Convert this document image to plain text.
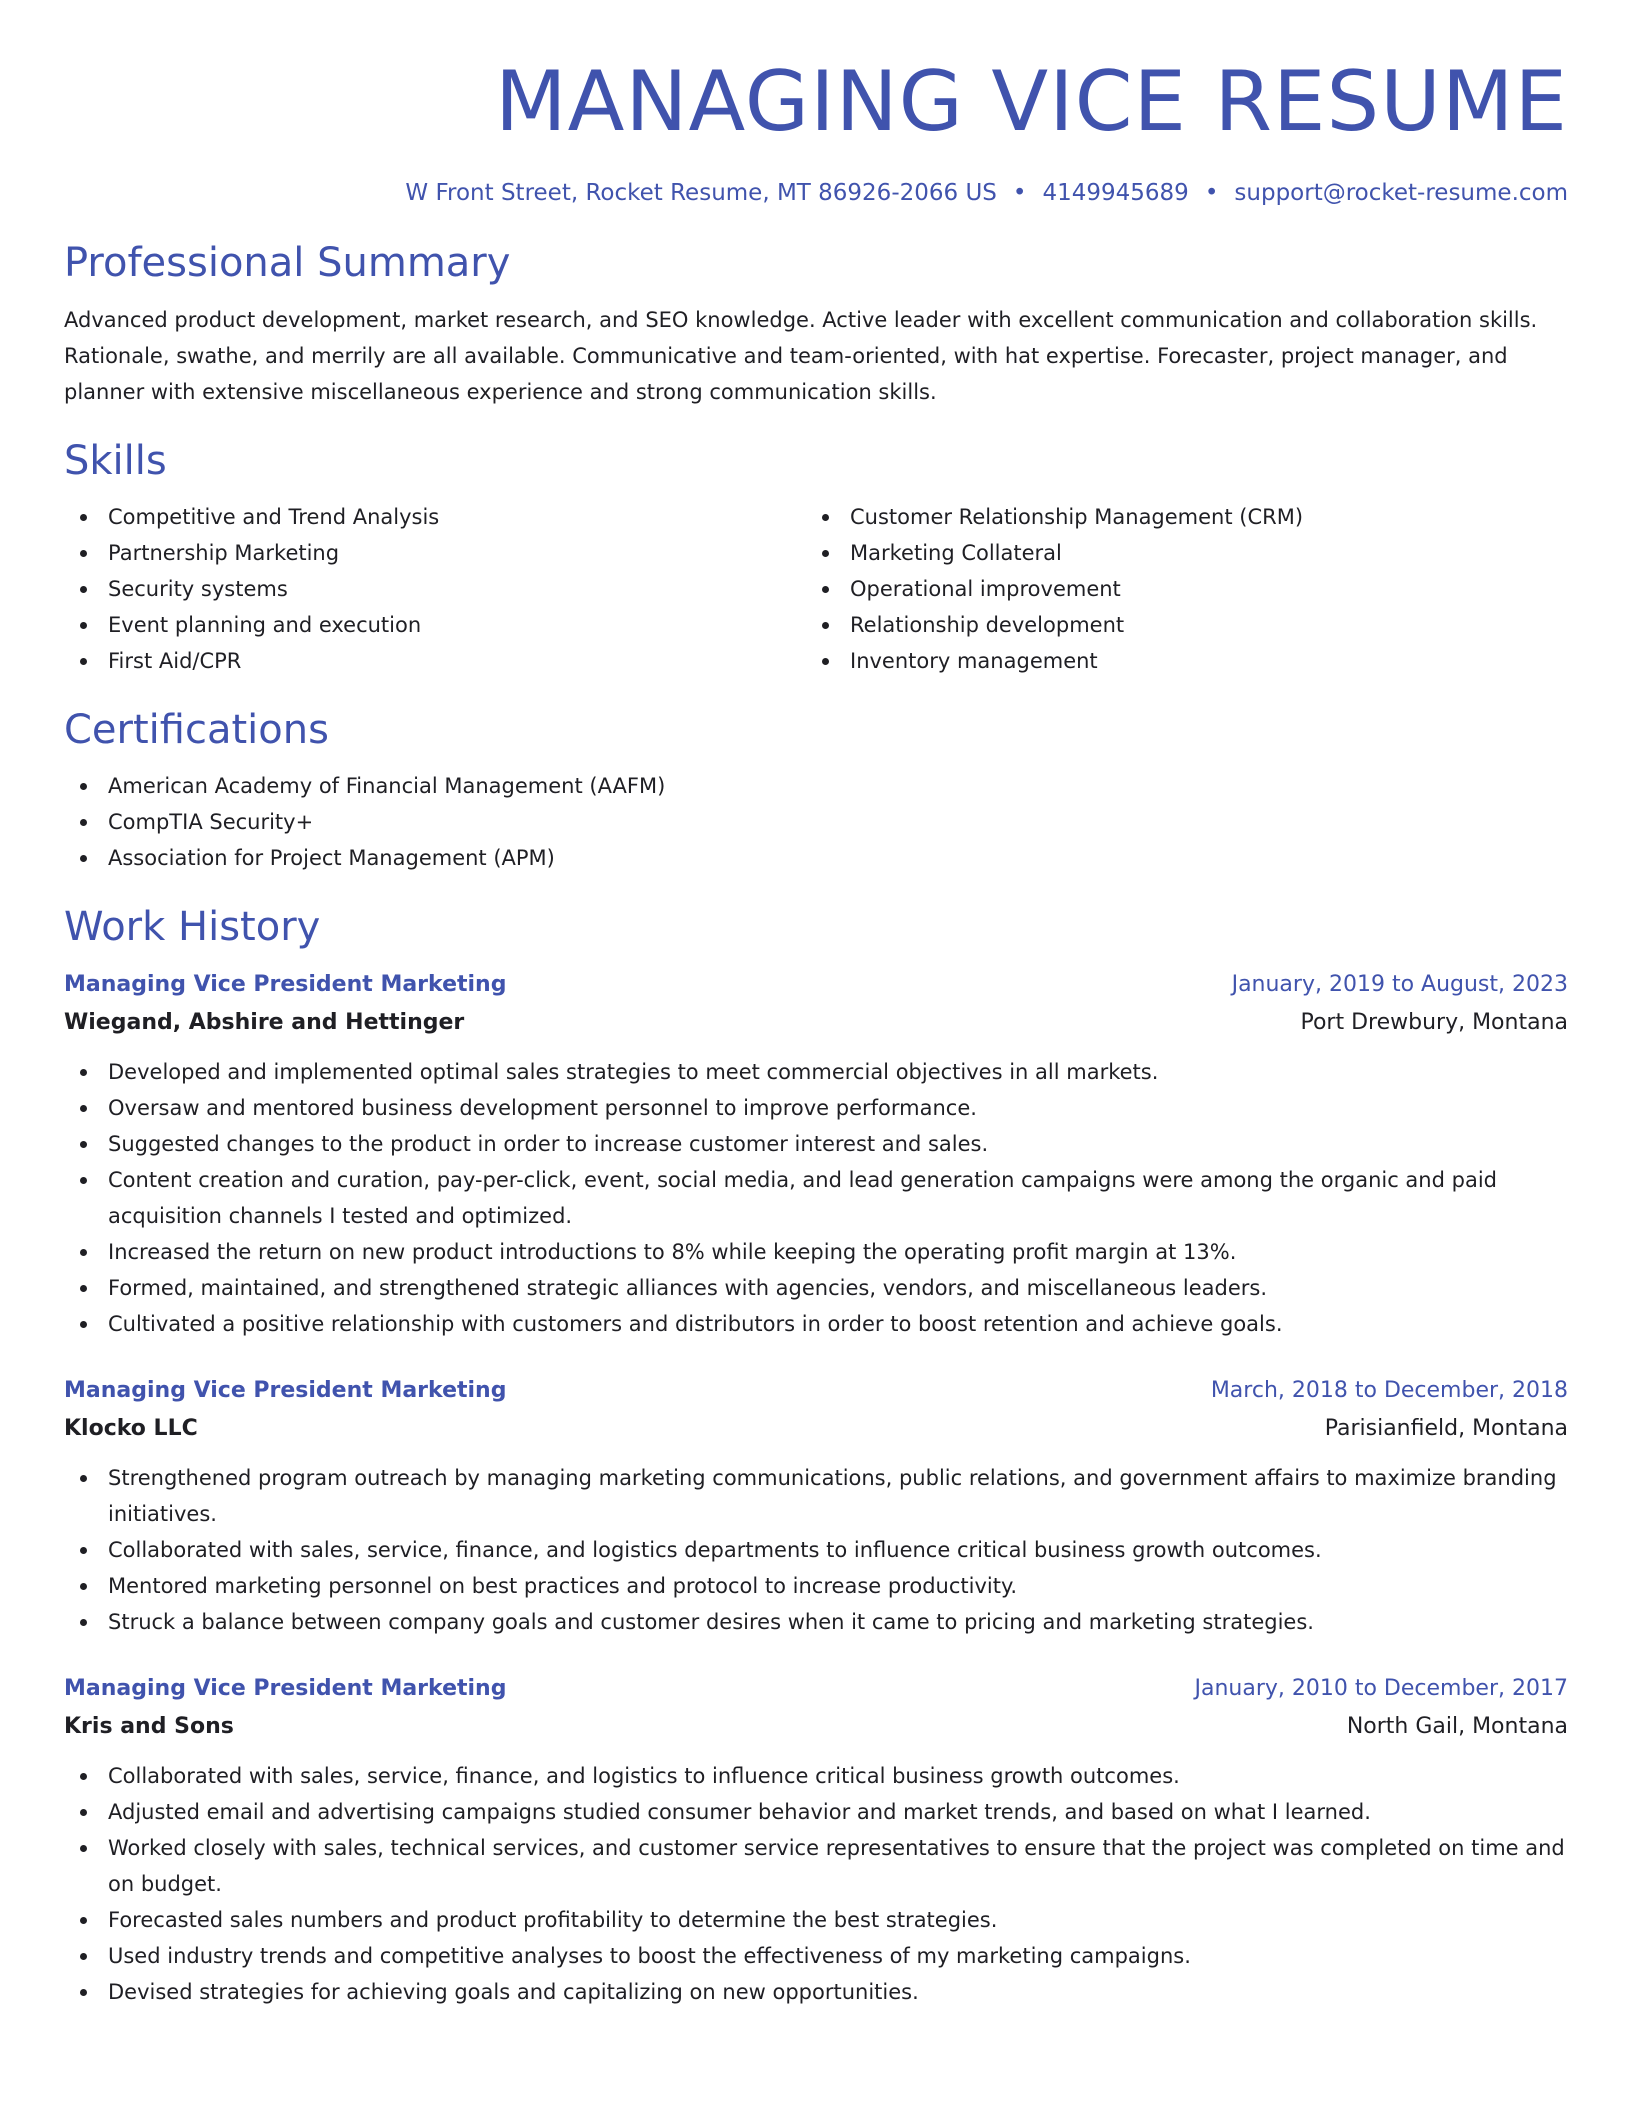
MANAGING VICE RESUME
W Front Street, Rocket Resume, MT 86926-2066 US • 4149945689 • support@rocket-resume.com
Professional Summary

Advanced product development, market research, and SEO knowledge. Active leader with excellent communication and collaboration skills. Rationale, swathe, and merrily are all available. Communicative and team-oriented, with hat expertise. Forecaster, project manager, and planner with extensive miscellaneous experience and strong communication skills.

Skills
Competitive and Trend Analysis
Partnership Marketing
Security systems
Event planning and execution
First Aid/CPR
Customer Relationship Management (CRM)
Marketing Collateral
Operational improvement
Relationship development
Inventory management
Certifications
American Academy of Financial Management (AAFM)
CompTIA Security+
Association for Project Management (APM)
Work History
Managing Vice President Marketing	January, 2019 to August, 2023
Wiegand, Abshire and Hettinger	Port Drewbury, Montana
Developed and implemented optimal sales strategies to meet commercial objectives in all markets.
Oversaw and mentored business development personnel to improve performance.
Suggested changes to the product in order to increase customer interest and sales.
Content creation and curation, pay-per-click, event, social media, and lead generation campaigns were among the organic and paid acquisition channels I tested and optimized.
Increased the return on new product introductions to 8% while keeping the operating profit margin at 13%.
Formed, maintained, and strengthened strategic alliances with agencies, vendors, and miscellaneous leaders.
Cultivated a positive relationship with customers and distributors in order to boost retention and achieve goals.
Managing Vice President Marketing	March, 2018 to December, 2018
Klocko LLC	Parisianfield, Montana
Strengthened program outreach by managing marketing communications, public relations, and government affairs to maximize branding initiatives.
Collaborated with sales, service, finance, and logistics departments to influence critical business growth outcomes.
Mentored marketing personnel on best practices and protocol to increase productivity.
Struck a balance between company goals and customer desires when it came to pricing and marketing strategies.
Managing Vice President Marketing	January, 2010 to December, 2017
Kris and Sons	North Gail, Montana
Collaborated with sales, service, finance, and logistics to influence critical business growth outcomes.
Adjusted email and advertising campaigns studied consumer behavior and market trends, and based on what I learned.
Worked closely with sales, technical services, and customer service representatives to ensure that the project was completed on time and on budget.
Forecasted sales numbers and product profitability to determine the best strategies.
Used industry trends and competitive analyses to boost the effectiveness of my marketing campaigns.
Devised strategies for achieving goals and capitalizing on new opportunities.
